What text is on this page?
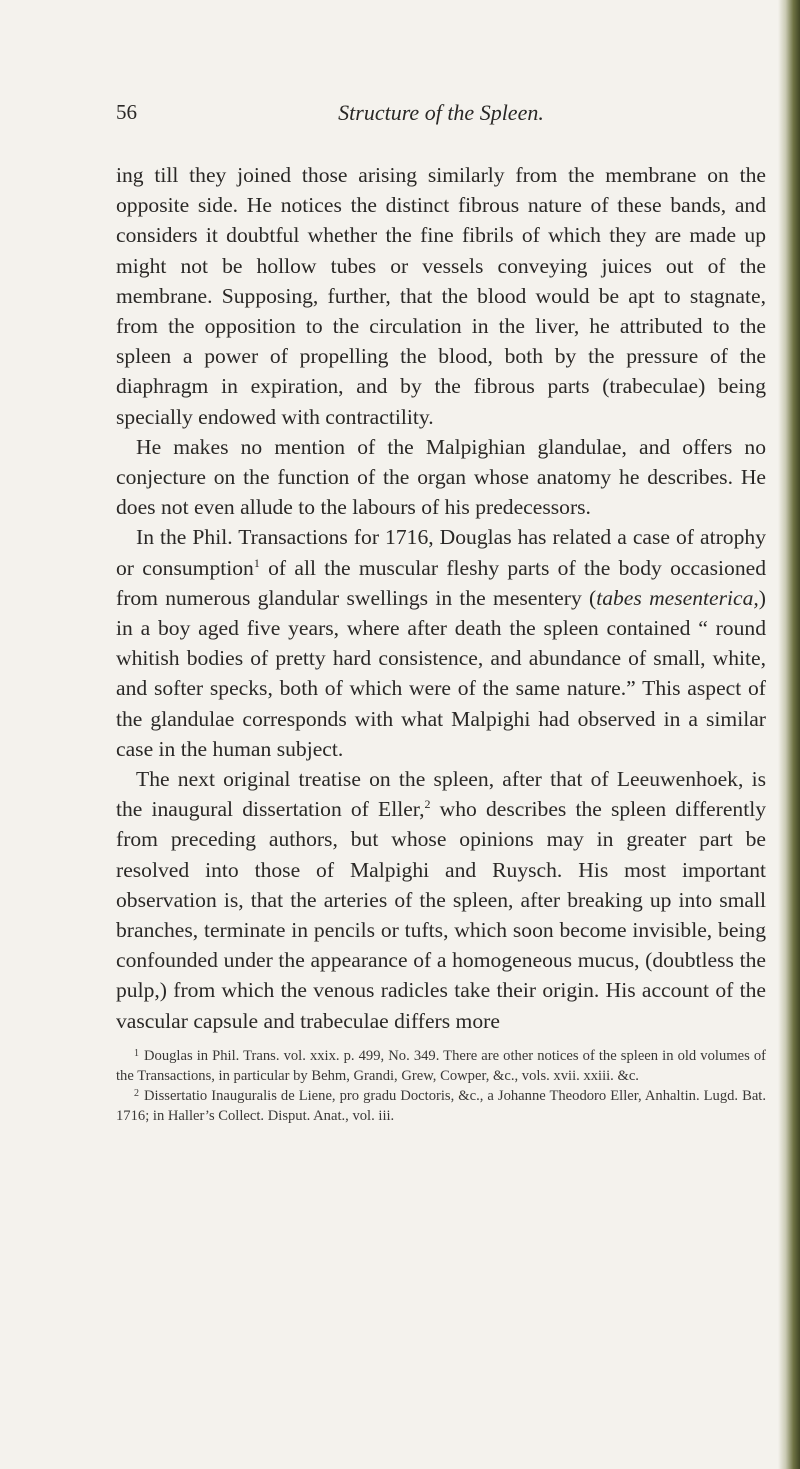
56	Structure of the Spleen.

ing till they joined those arising similarly from the membrane on the opposite side. He notices the distinct fibrous nature of these bands, and considers it doubtful whether the fine fibrils of which they are made up might not be hollow tubes or vessels conveying juices out of the membrane. Supposing, further, that the blood would be apt to stagnate, from the opposition to the circulation in the liver, he attributed to the spleen a power of propelling the blood, both by the pressure of the diaphragm in expiration, and by the fibrous parts (trabeculae) being specially endowed with contractility.

He makes no mention of the Malpighian glandulae, and offers no conjecture on the function of the organ whose anatomy he describes. He does not even allude to the labours of his predecessors.

In the Phil. Transactions for 1716, Douglas has related a case of atrophy or consumption$^1$ of all the muscular fleshy parts of the body occasioned from numerous glandular swellings in the mesentery (tabes mesenterica,) in a boy aged five years, where after death the spleen contained “ round whitish bodies of pretty hard consistence, and abundance of small, white, and softer specks, both of which were of the same nature.” This aspect of the glandulae corresponds with what Malpighi had observed in a similar case in the human subject.

The next original treatise on the spleen, after that of Leeuwenhoek, is the inaugural dissertation of Eller,$^2$ who describes the spleen differently from preceding authors, but whose opinions may in greater part be resolved into those of Malpighi and Ruysch. His most important observation is, that the arteries of the spleen, after breaking up into small branches, terminate in pencils or tufts, which soon become invisible, being confounded under the appearance of a homogeneous mucus, (doubtless the pulp,) from which the venous radicles take their origin. His account of the vascular capsule and trabeculae differs more

$^1$ Douglas in Phil. Trans. vol. xxix. p. 499, No. 349. There are other notices of the spleen in old volumes of the Transactions, in particular by Behm, Grandi, Grew, Cowper, &c., vols. xvii. xxiii. &c.

$^2$ Dissertatio Inauguralis de Liene, pro gradu Doctoris, &c., a Johanne Theodoro Eller, Anhaltin. Lugd. Bat. 1716; in Haller’s Collect. Disput. Anat., vol. iii.
